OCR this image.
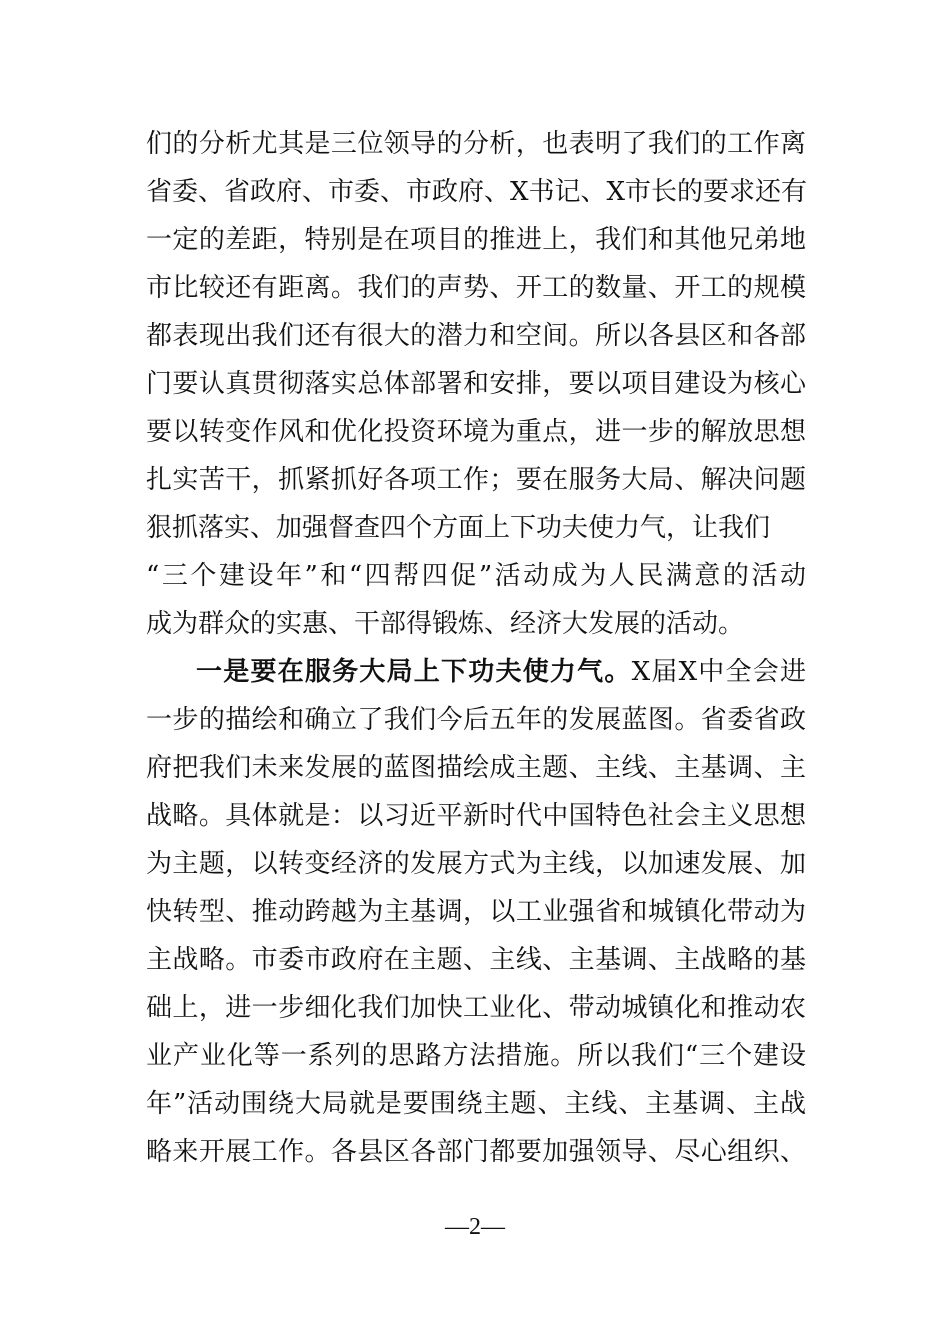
们的分析尤其是三位领导的分析，也表明了我们的工作离
省委、省政府、市委、市政府、X书记、X市长的要求还有
一定的差距，特别是在项目的推进上，我们和其他兄弟地
市比较还有距离。我们的声势、开工的数量、开工的规模
都表现出我们还有很大的潜力和空间。所以各县区和各部
门要认真贯彻落实总体部署和安排，要以项目建设为核心
要以转变作风和优化投资环境为重点，进一步的解放思想
扎实苦干，抓紧抓好各项工作；要在服务大局、解决问题
狠抓落实、加强督查四个方面上下功夫使力气，让我们
“三个建设年”和“四帮四促”活动成为人民满意的活动
成为群众的实惠、干部得锻炼、经济大发展的活动。
一是要在服务大局上下功夫使力气。X届X中全会进
一步的描绘和确立了我们今后五年的发展蓝图。省委省政
府把我们未来发展的蓝图描绘成主题、主线、主基调、主
战略。具体就是：以习近平新时代中国特色社会主义思想
为主题，以转变经济的发展方式为主线，以加速发展、加
快转型、推动跨越为主基调，以工业强省和城镇化带动为
主战略。市委市政府在主题、主线、主基调、主战略的基
础上，进一步细化我们加快工业化、带动城镇化和推动农
业产业化等一系列的思路方法措施。所以我们“三个建设
年”活动围绕大局就是要围绕主题、主线、主基调、主战
略来开展工作。各县区各部门都要加强领导、尽心组织、
—2—
